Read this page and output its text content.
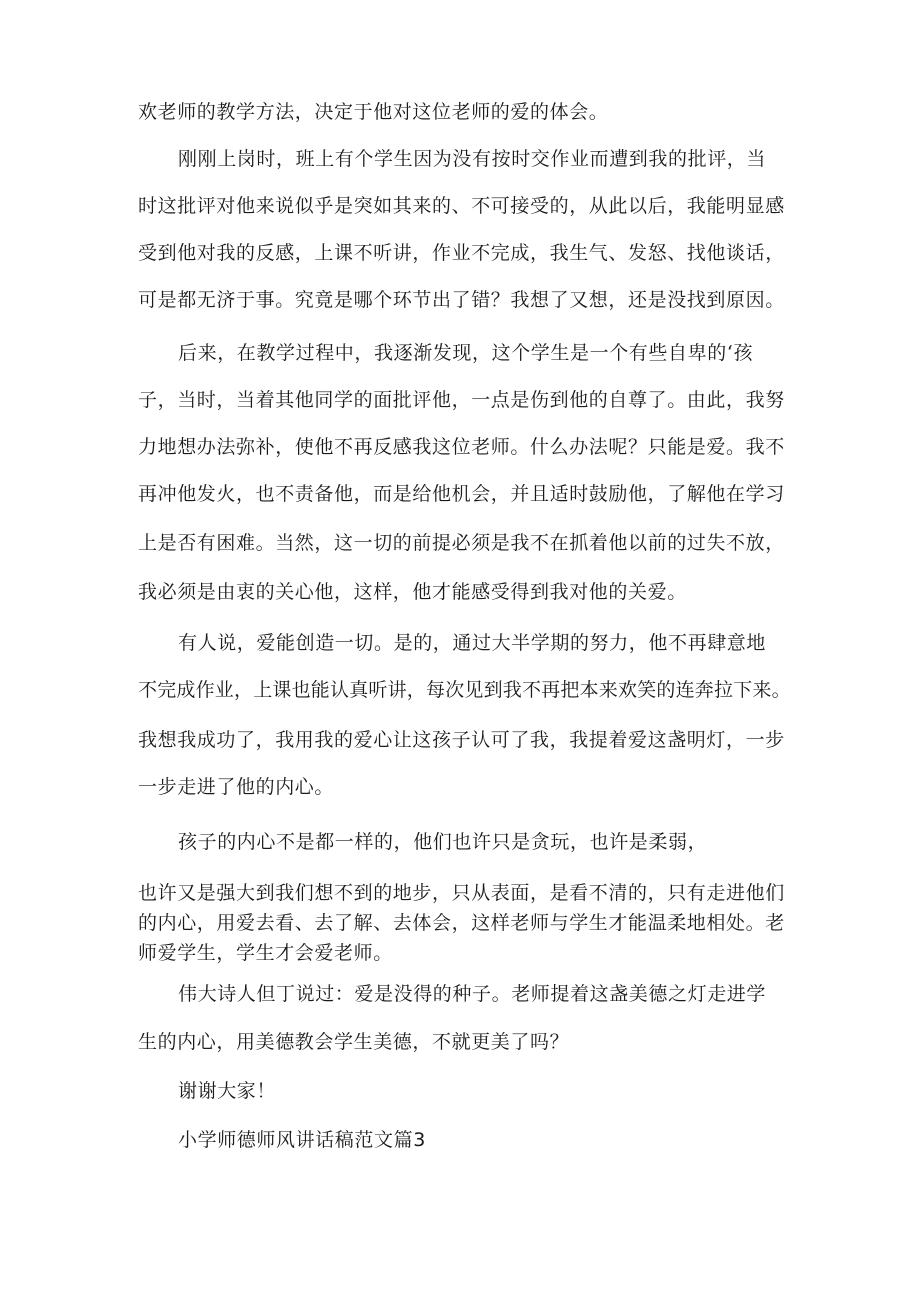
欢老师的教学方法，决定于他对这位老师的爱的体会。
刚刚上岗时，班上有个学生因为没有按时交作业而遭到我的批评，当
时这批评对他来说似乎是突如其来的、不可接受的，从此以后，我能明显感
受到他对我的反感，上课不听讲，作业不完成，我生气、发怒、找他谈话，
可是都无济于事。究竟是哪个环节出了错？我想了又想，还是没找到原因。
后来，在教学过程中，我逐渐发现，这个学生是一个有些自卑的‘孩
子，当时，当着其他同学的面批评他，一点是伤到他的自尊了。由此，我努
力地想办法弥补，使他不再反感我这位老师。什么办法呢？只能是爱。我不
再冲他发火，也不责备他，而是给他机会，并且适时鼓励他，了解他在学习
上是否有困难。当然，这一切的前提必须是我不在抓着他以前的过失不放，
我必须是由衷的关心他，这样，他才能感受得到我对他的关爱。
有人说，爱能创造一切。是的，通过大半学期的努力，他不再肆意地
不完成作业，上课也能认真听讲，每次见到我不再把本来欢笑的连奔拉下来。
我想我成功了，我用我的爱心让这孩子认可了我，我提着爱这盏明灯，一步
一步走进了他的内心。
孩子的内心不是都一样的，他们也许只是贪玩，也许是柔弱，
也许又是强大到我们想不到的地步，只从表面，是看不清的，只有走进他们
的内心，用爱去看、去了解、去体会，这样老师与学生才能温柔地相处。老
师爱学生，学生才会爱老师。
伟大诗人但丁说过：爱是没得的种子。老师提着这盏美德之灯走进学
生的内心，用美德教会学生美德，不就更美了吗？
谢谢大家！
小学师德师风讲话稿范文篇3
